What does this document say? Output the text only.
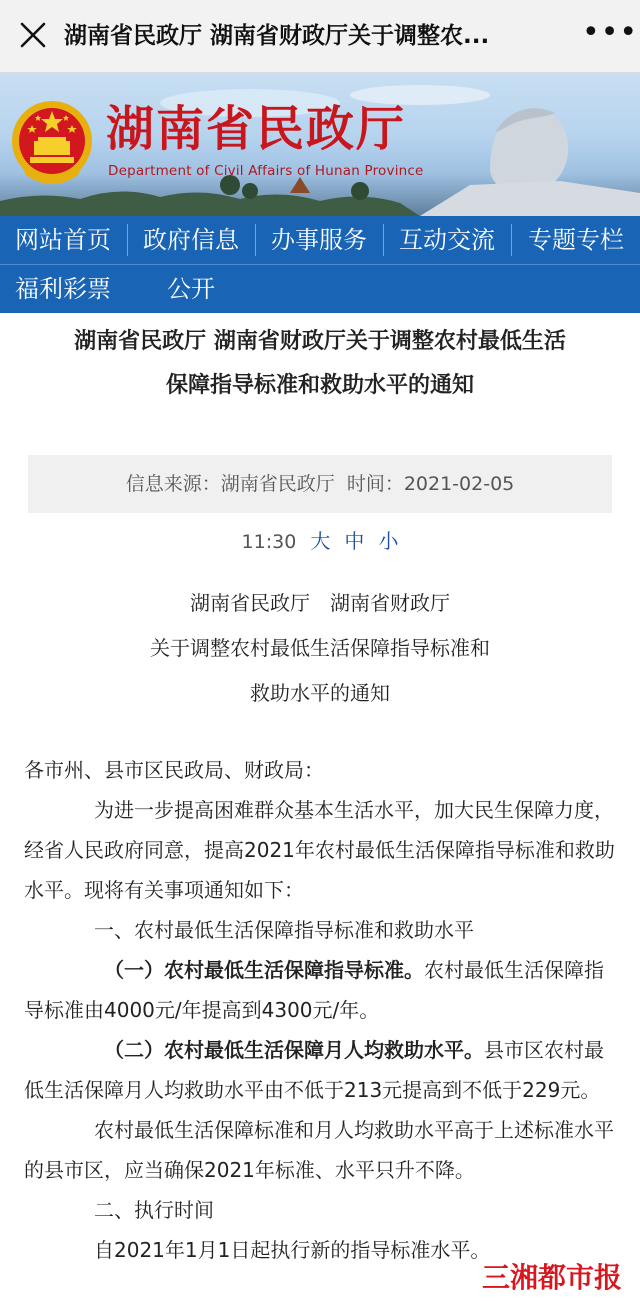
湖南省民政厅 湖南省财政厅关于调整农...	•••
湖南省民政厅
Department of Civil Affairs of Hunan Province
网站首页	政府信息	办事服务	互动交流	专题专栏
福利彩票	公开
湖南省民政厅 湖南省财政厅关于调整农村最低生活
保障指导标准和救助水平的通知
信息来源：湖南省民政厅  时间：2021-02-05
11:30 大 中 小
湖南省民政厅　湖南省财政厅
关于调整农村最低生活保障指导标准和
救助水平的通知

各市州、县市区民政局、财政局：

为进一步提高困难群众基本生活水平，加大民生保障力度，经省人民政府同意，提高2021年农村最低生活保障指导标准和救助水平。现将有关事项通知如下：

一、农村最低生活保障指导标准和救助水平

（一）农村最低生活保障指导标准。农村最低生活保障指导标准由4000元/年提高到4300元/年。

（二）农村最低生活保障月人均救助水平。县市区农村最低生活保障月人均救助水平由不低于213元提高到不低于229元。

农村最低生活保障标准和月人均救助水平高于上述标准水平的县市区，应当确保2021年标准、水平只升不降。

二、执行时间

自2021年1月1日起执行新的指导标准水平。

三湘都市报
